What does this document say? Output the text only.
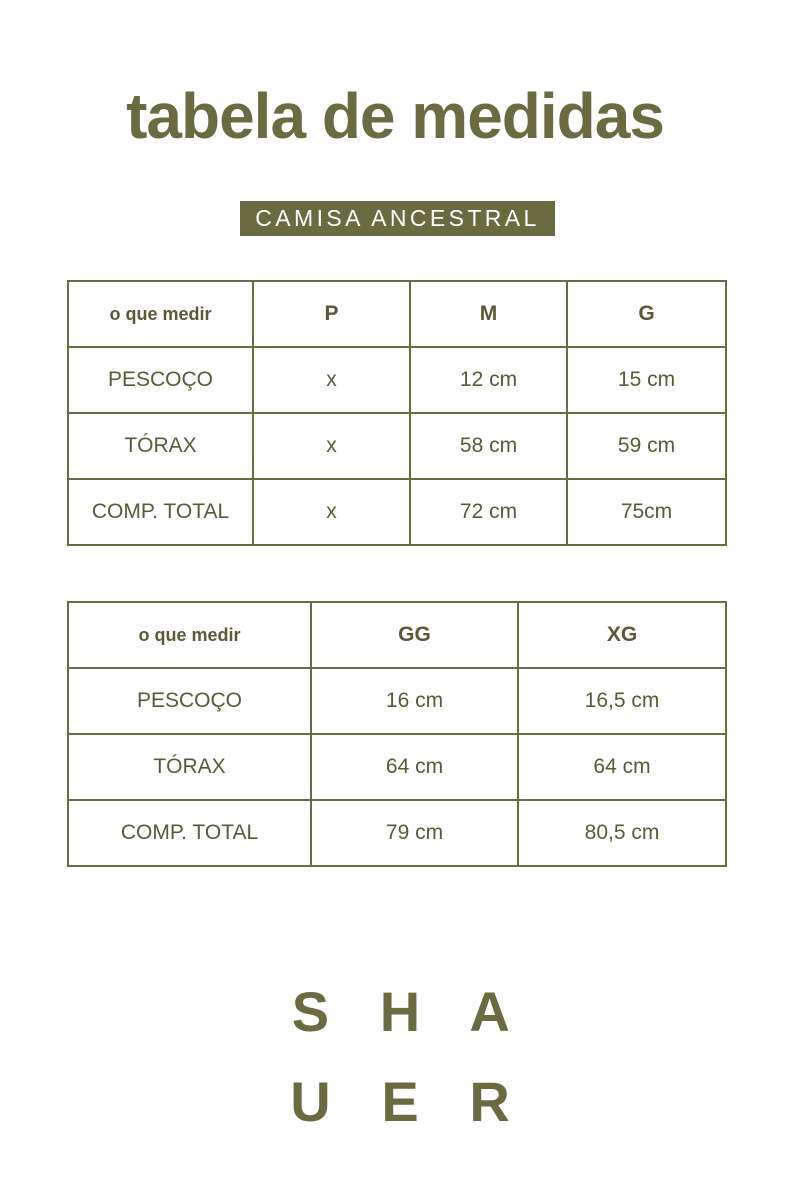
tabela de medidas
CAMISA ANCESTRAL
o que medir	P	M	G
PESCOÇO	x	12 cm	15 cm
TÓRAX	x	58 cm	59 cm
COMP. TOTAL	x	72 cm	75cm
o que medir	GG	XG
PESCOÇO	16 cm	16,5 cm
TÓRAX	64 cm	64 cm
COMP. TOTAL	79 cm	80,5 cm
S H A
U E R
